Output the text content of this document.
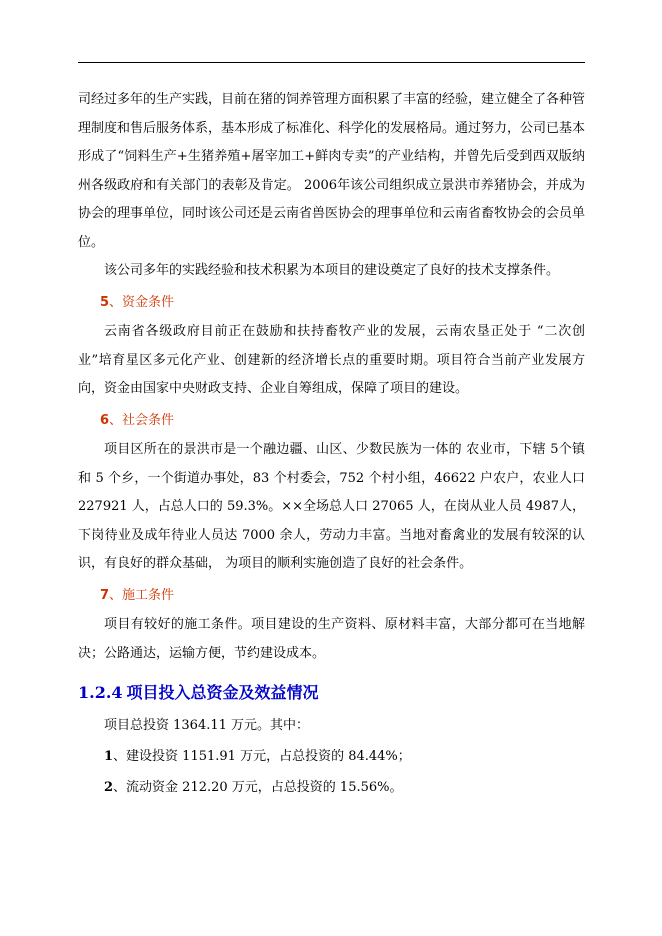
司经过多年的生产实践，目前在猪的饲养管理方面积累了丰富的经验，建立健全了各种管理制度和售后服务体系，基本形成了标准化、科学化的发展格局。通过努力，公司已基本形成了“饲料生产+生猪养殖+屠宰加工+鲜肉专卖”的产业结构，并曾先后受到西双版纳州各级政府和有关部门的表彰及肯定。 2006年该公司组织成立景洪市养猪协会，并成为协会的理事单位，同时该公司还是云南省兽医协会的理事单位和云南省畜牧协会的会员单位。

该公司多年的实践经验和技术积累为本项目的建设奠定了良好的技术支撑条件。

5、资金条件

云南省各级政府目前正在鼓励和扶持畜牧产业的发展，云南农垦正处于 “二次创业”培育星区多元化产业、创建新的经济增长点的重要时期。项目符合当前产业发展方向，资金由国家中央财政支持、企业自筹组成，保障了项目的建设。

6、社会条件

项目区所在的景洪市是一个融边疆、山区、少数民族为一体的 农业市，下辖 5个镇和 5 个乡，一个街道办事处，83 个村委会，752 个村小组，46622 户农户，农业人口 227921 人，占总人口的 59.3%。××全场总人口 27065 人，在岗从业人员 4987人，下岗待业及成年待业人员达 7000 余人，劳动力丰富。当地对畜禽业的发展有较深的认识，有良好的群众基础， 为项目的顺利实施创造了良好的社会条件。

7、施工条件

项目有较好的施工条件。项目建设的生产资料、原材料丰富，大部分都可在当地解决；公路通达，运输方便，节约建设成本。

1.2.4 项目投入总资金及效益情况

项目总投资 1364.11 万元。其中：

1、建设投资 1151.91 万元，占总投资的 84.44%；

2、流动资金 212.20 万元，占总投资的 15.56%。
